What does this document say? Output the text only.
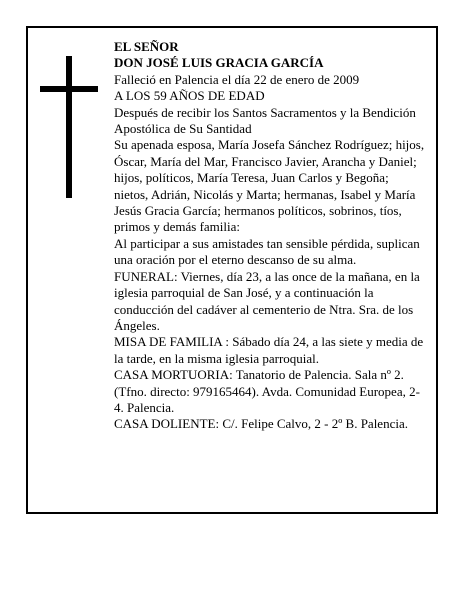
EL SEÑOR

DON JOSÉ LUIS GRACIA GARCÍA

Falleció en Palencia el día 22 de enero de 2009

A LOS 59 AÑOS DE EDAD

Después de recibir los Santos Sacramentos y la Bendición Apostólica de Su Santidad

Su apenada esposa, María Josefa Sánchez Rodríguez; hijos, Óscar, María del Mar, Francisco Javier, Arancha y Daniel; hijos, políticos, María Teresa, Juan Carlos y Begoña; nietos, Adrián, Nicolás y Marta; hermanas, Isabel y María Jesús Gracia García; hermanos políticos, sobrinos, tíos, primos y demás familia:

Al participar a sus amistades tan sensible pérdida, suplican una oración por el eterno descanso de su alma.

FUNERAL: Viernes, día 23, a las once de la mañana, en la iglesia parroquial de San José, y a continuación la conducción del cadáver al cementerio de Ntra. Sra. de los Ángeles.

MISA DE FAMILIA : Sábado día 24, a las siete y media de la tarde, en la misma iglesia parroquial.

CASA MORTUORIA: Tanatorio de Palencia. Sala nº 2.

(Tfno. directo: 979165464). Avda. Comunidad Europea, 2-4. Palencia.

CASA DOLIENTE: C/. Felipe Calvo, 2 - 2º B. Palencia.
